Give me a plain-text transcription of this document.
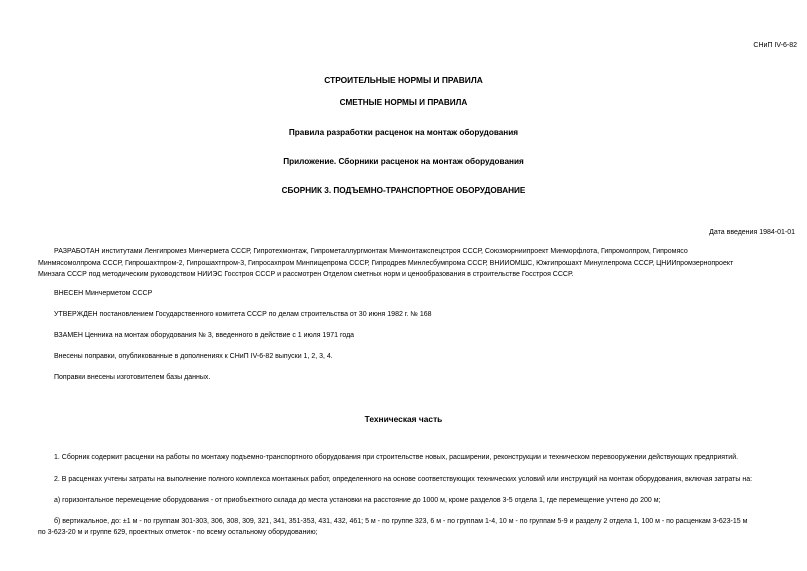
СНиП IV-6-82
СТРОИТЕЛЬНЫЕ НОРМЫ И ПРАВИЛА
СМЕТНЫЕ НОРМЫ И ПРАВИЛА
Правила разработки расценок на монтаж оборудования
Приложение. Сборники расценок на монтаж оборудования
СБОРНИК 3. ПОДЪЕМНО-ТРАНСПОРТНОЕ ОБОРУДОВАНИЕ
Дата введения 1984-01-01
РАЗРАБОТАН институтами Ленгипромез Минчермета СССР, Гипротехмонтаж, Гипрометаллургмонтаж Минмонтажспецстроя СССР, Союзморниипроект Минморфлота, Гипромолпром, Гипромясо
Минмясомолпрома СССР, Гипрошахтпром-2, Гипрошахтпром-3, Гипросахпром Минпищепрома СССР, Гипродрев Минлесбумпрома СССР, ВНИИОМШС, Южгипрошахт Минуглепрома СССР, ЦНИИпромзернопроект
Минзага СССР под методическим руководством НИИЭС Госстроя СССР и рассмотрен Отделом сметных норм и ценообразования в строительстве Госстроя СССР.
ВНЕСЕН Минчерметом СССР
УТВЕРЖДЕН постановлением Государственного комитета СССР по делам строительства от 30 июня 1982 г. № 168
ВЗАМЕН Ценника на монтаж оборудования № 3, введенного в действие с 1 июля 1971 года
Внесены поправки, опубликованные в дополнениях к СНиП IV-6-82 выпуски 1, 2, 3, 4.
Поправки внесены изготовителем базы данных.
Техническая часть
1. Сборник содержит расценки на работы по монтажу подъемно-транспортного оборудования при строительстве новых, расширении, реконструкции и техническом перевооружении действующих предприятий.
2. В расценках учтены затраты на выполнение полного комплекса монтажных работ, определенного на основе соответствующих технических условий или инструкций на монтаж оборудования, включая затраты на:
а) горизонтальное перемещение оборудования - от приобъектного склада до места установки на расстояние до 1000 м, кроме разделов 3-5 отдела 1, где перемещение учтено до 200 м;
б) вертикальное, до: ±1 м - по группам 301-303, 306, 308, 309, 321, 341, 351-353, 431, 432, 461; 5 м - по группе 323, 6 м - по группам 1-4, 10 м - по группам 5-9 и разделу 2 отдела 1, 100 м - по расценкам 3-623-15 м
по 3-623-20 м и группе 629, проектных отметок - по всему остальному оборудованию;
